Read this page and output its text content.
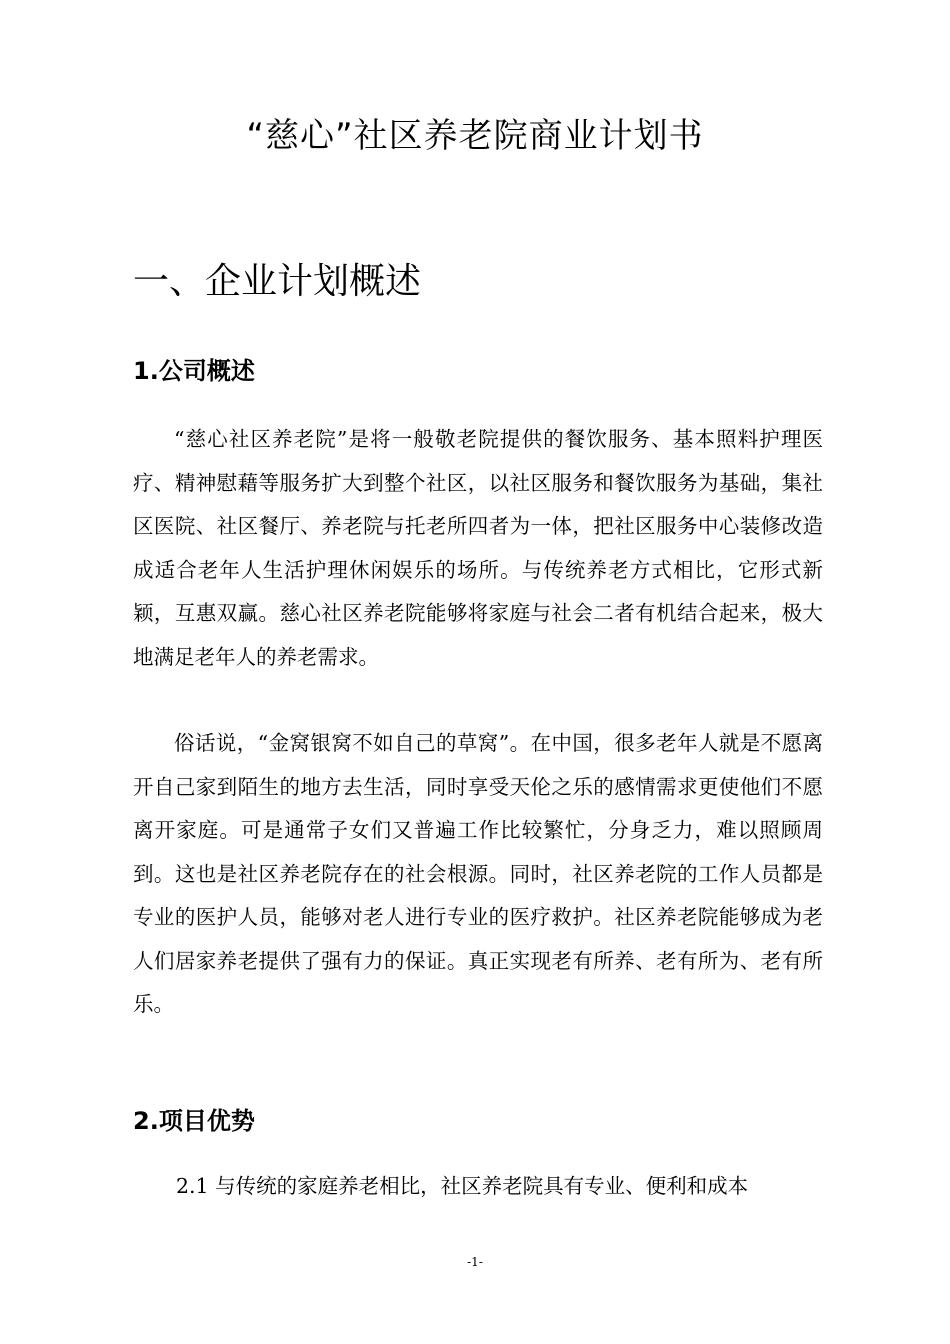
“慈心”社区养老院商业计划书
一、企业计划概述
1.公司概述

“慈心社区养老院”是将一般敬老院提供的餐饮服务、基本照料护理医疗、精神慰藉等服务扩大到整个社区，以社区服务和餐饮服务为基础，集社区医院、社区餐厅、养老院与托老所四者为一体，把社区服务中心装修改造成适合老年人生活护理休闲娱乐的场所。与传统养老方式相比，它形式新颖，互惠双赢。慈心社区养老院能够将家庭与社会二者有机结合起来，极大地满足老年人的养老需求。

俗话说，“金窝银窝不如自己的草窝”。在中国，很多老年人就是不愿离开自己家到陌生的地方去生活，同时享受天伦之乐的感情需求更使他们不愿离开家庭。可是通常子女们又普遍工作比较繁忙，分身乏力，难以照顾周到。这也是社区养老院存在的社会根源。同时，社区养老院的工作人员都是专业的医护人员，能够对老人进行专业的医疗救护。社区养老院能够成为老人们居家养老提供了强有力的保证。真正实现老有所养、老有所为、老有所乐。

2.项目优势

2.1 与传统的家庭养老相比，社区养老院具有专业、便利和成本

-1-
